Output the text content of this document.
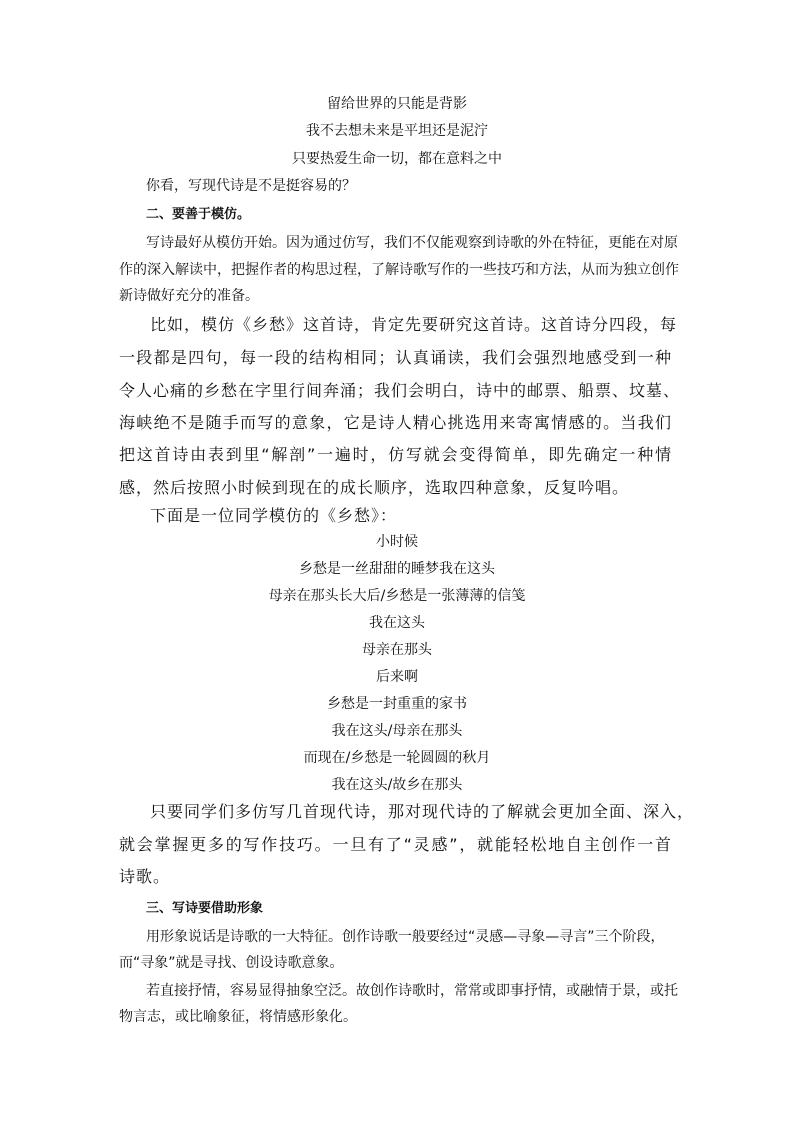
留给世界的只能是背影
我不去想未来是平坦还是泥泞
只要热爱生命一切，都在意料之中
你看，写现代诗是不是挺容易的？
二、要善于模仿。
写诗最好从模仿开始。因为通过仿写，我们不仅能观察到诗歌的外在特征，更能在对原
作的深入解读中，把握作者的构思过程，了解诗歌写作的一些技巧和方法，从而为独立创作
新诗做好充分的准备。
比如，模仿《乡愁》这首诗，肯定先要研究这首诗。这首诗分四段，每
一段都是四句，每一段的结构相同；认真诵读，我们会强烈地感受到一种
令人心痛的乡愁在字里行间奔涌；我们会明白，诗中的邮票、船票、坟墓、
海峡绝不是随手而写的意象，它是诗人精心挑选用来寄寓情感的。当我们
把这首诗由表到里“解剖”一遍时，仿写就会变得简单，即先确定一种情
感，然后按照小时候到现在的成长顺序，选取四种意象，反复吟唱。
下面是一位同学模仿的《乡愁》：
小时候
乡愁是一丝甜甜的睡梦我在这头
母亲在那头长大后/乡愁是一张薄薄的信笺
我在这头
母亲在那头
后来啊
乡愁是一封重重的家书
我在这头/母亲在那头
而现在/乡愁是一轮圆圆的秋月
我在这头/故乡在那头
只要同学们多仿写几首现代诗，那对现代诗的了解就会更加全面、深入，
就会掌握更多的写作技巧。一旦有了“灵感”，就能轻松地自主创作一首
诗歌。
三、写诗要借助形象
用形象说话是诗歌的一大特征。创作诗歌一般要经过“灵感—寻象—寻言”三个阶段，
而“寻象”就是寻找、创设诗歌意象。
若直接抒情，容易显得抽象空泛。故创作诗歌时，常常或即事抒情，或融情于景，或托
物言志，或比喻象征，将情感形象化。
